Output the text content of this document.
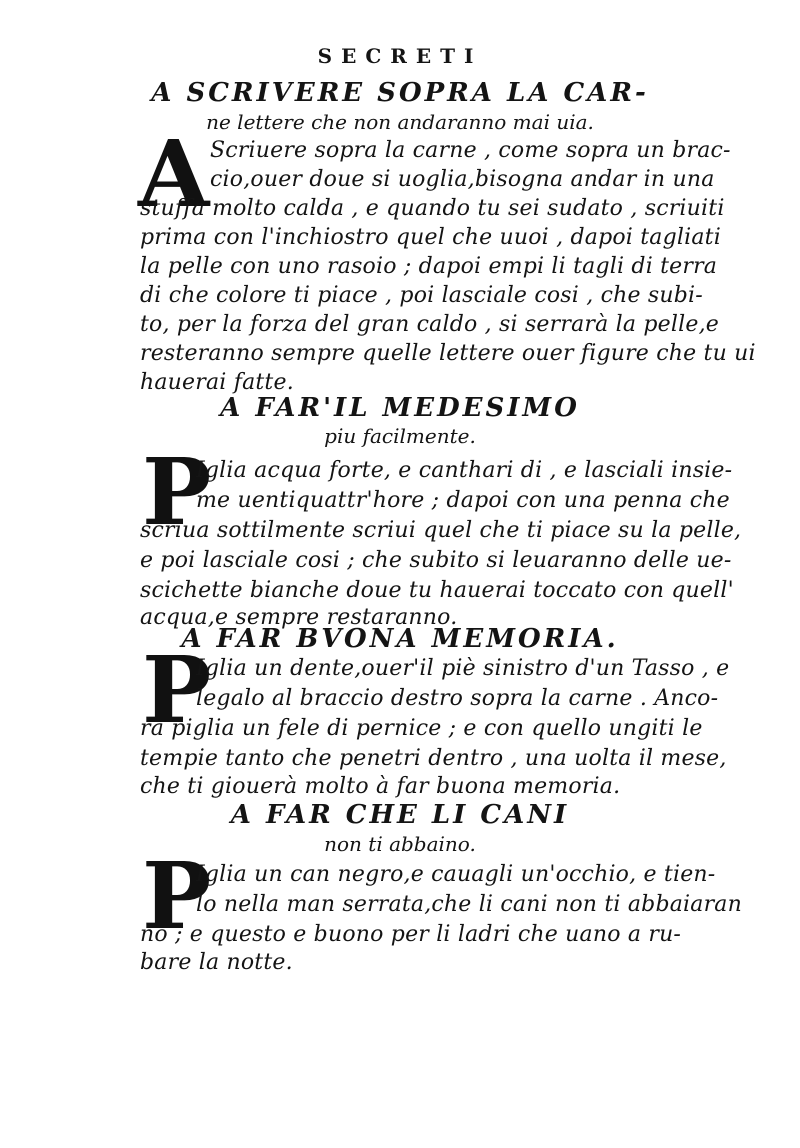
SECRETI
A SCRIVERE SOPRA LA CAR-
ne lettere che non andaranno mai uia.
A Scriuere sopra la carne , come sopra un brac-
cio,ouer doue si uoglia,bisogna andar in una
stuffa molto calda , e quando tu sei sudato , scriuiti
prima con l'inchiostro quel che uuoi , dapoi tagliati
la pelle con uno rasoio ; dapoi empi li tagli di terra
di che colore ti piace , poi lasciale cosi , che subi-
to, per la forza del gran caldo , si serrarà la pelle,e
resteranno sempre quelle lettere ouer figure che tu ui
hauerai fatte.
A FAR'IL MEDESIMO
piu facilmente.
P
Iglia acqua forte, e canthari di , e lasciali insie-
me uentiquattr'hore ; dapoi con una penna che
scriua sottilmente scriui quel che ti piace su la pelle,
e poi lasciale cosi ; che subito si leuaranno delle ue-
scichette bianche doue tu hauerai toccato con quell'
acqua,e sempre restaranno.
A FAR BVONA MEMORIA.
P
Iglia un dente,ouer'il piè sinistro d'un Tasso , e
legalo al braccio destro sopra la carne . Anco-
ra piglia un fele di pernice ; e con quello ungiti le
tempie tanto che penetri dentro , una uolta il mese,
che ti giouerà molto à far buona memoria.
A FAR CHE LI CANI
non ti abbaino.
P
Iglia un can negro,e cauagli un'occhio, e tien-
lo nella man serrata,che li cani non ti abbaiaran
no ; e questo e buono per li ladri che uano a ru-
bare la notte.
